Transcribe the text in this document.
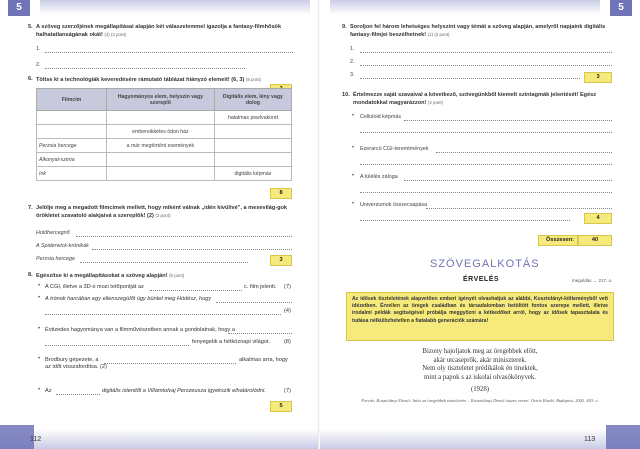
5
5. A szöveg szerzőjének megállapításai alapján két válaszelemmel igazolja a fantasy-filmhősök halhatatlanságának okát! (4) (2 pont)
1.
2.
6. Töltse ki a technológiák keveredésére rámutató táblázat hiányzó elemeit! (6, 3) (8 pont)
Filmcím	Hagyományos elem, helyszín vagy szereplő	Digitális elem, lény vagy dolog
		hatalmas pixelvakond
	embereikkétes ódon ház	
Perzsia hercege	a már megtörtént események	
Alkonyat-széria		
Ink		digitális képmás
8
7. Jelölje meg a megadott filmcímek mellett, hogy miként válnak „idén kívülivé", a mesevilág-gok örökletet szavatoló alakjaivá a szereplők! (2) (3 pont)
Holdhercegnő
A Spiderwick-krónikák
Perzsia hercege	3
8. Egészítse ki a megállapításokat a szöveg alapján! (5 pont)
• A CGI, illetve a 3D-s mozi tetőpontját az	c. film jelenti. (7)
• A trónok harcában egy ellenszegülőt úgy büntet meg Hódész, hogy
(4)
• Évtizedes hagyománya van a filmművészetben annak a gondolatnak, hogy a
fenyegetik a hétköznapi világot. (8)
• Brodbury gépezete, a	alkalmas arra, hogy az időt visszaforditsa. (2)
• Az	digitális istenitől a Villámtolvaj Perszeusza igyekszik elhatárolódni.	(7)
5
112
5
9. Soroljon fel három lehetséges helyszínt vagy témát a szöveg alapján, amelyről napjaink digitális fantasy-filmjei beszélhetnek! (1) (3 pont)
1.
2.
3.	3
10. Értelmezze saját szavaival a következő, szövegünkből kiemelt szintagmák jelentését! Egész mondatokkal magyarázzon! (2 pont)
• Celluloid képmás
• Ezerarcú CGI-teremtmények
• A túlélés záloga
• Univerzumok összecsapása
4
Összesen:	40
SZÖVEGALKOTÁS
ÉRVELÉS	megoldás → 217. o.
Az idősek tiszteletének alapvetően emberi igényét olvashatjuk az alábbi, Kosztolányi-költeményből vett idézetben. Érvelien az öregek családban és társadalomban betöltött fontos szerepe mellett, illetve irodalmi példák segítségével próbálja meggyőzni a kétkedőket arról, hogy az idősek tapasztalata és tudása nélkülözhetetlen a fiatalabb generációk számára!
Bizony hajoljatok meg az öregebbek előtt,
akár utcaseprők, akár miniszterek.
Nem oly tiszteletet prédikálok én tinektek,
mint a papok s az iskolai olvasókönyvek.
(1928)
Forrás: Kosztolányi Dezső: Intés az öregebbek tiszteletére – Kosztolányi Dezső összes versei. Osiris Kiadó, Budapest, 2002. 403. o.
113
